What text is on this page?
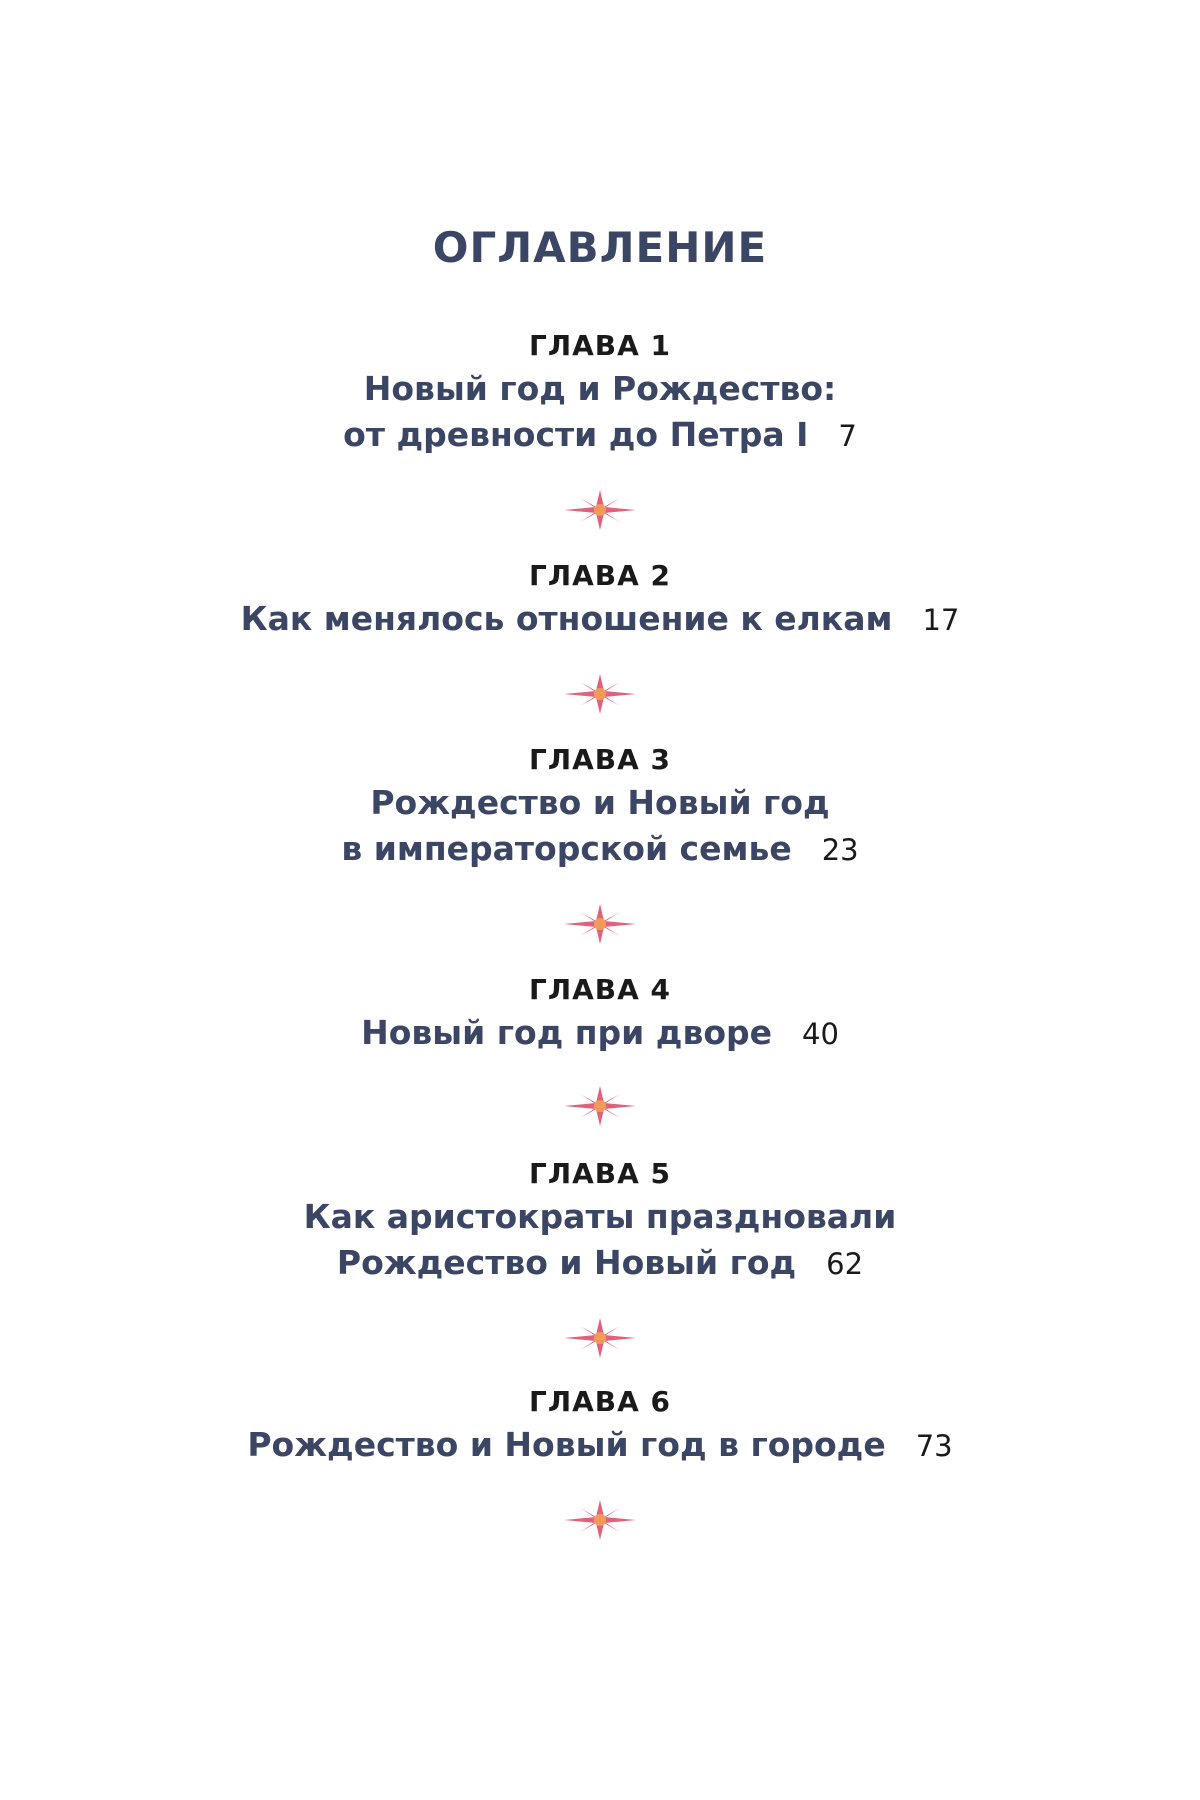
ОГЛАВЛЕНИЕ
ГЛАВА 1
Новый год и Рождество:
от древности до Петра I 7
ГЛАВА 2
Как менялось отношение к елкам 17
ГЛАВА 3
Рождество и Новый год
в императорской семье 23
ГЛАВА 4
Новый год при дворе 40
ГЛАВА 5
Как аристократы праздновали
Рождество и Новый год 62
ГЛАВА 6
Рождество и Новый год в городе 73
